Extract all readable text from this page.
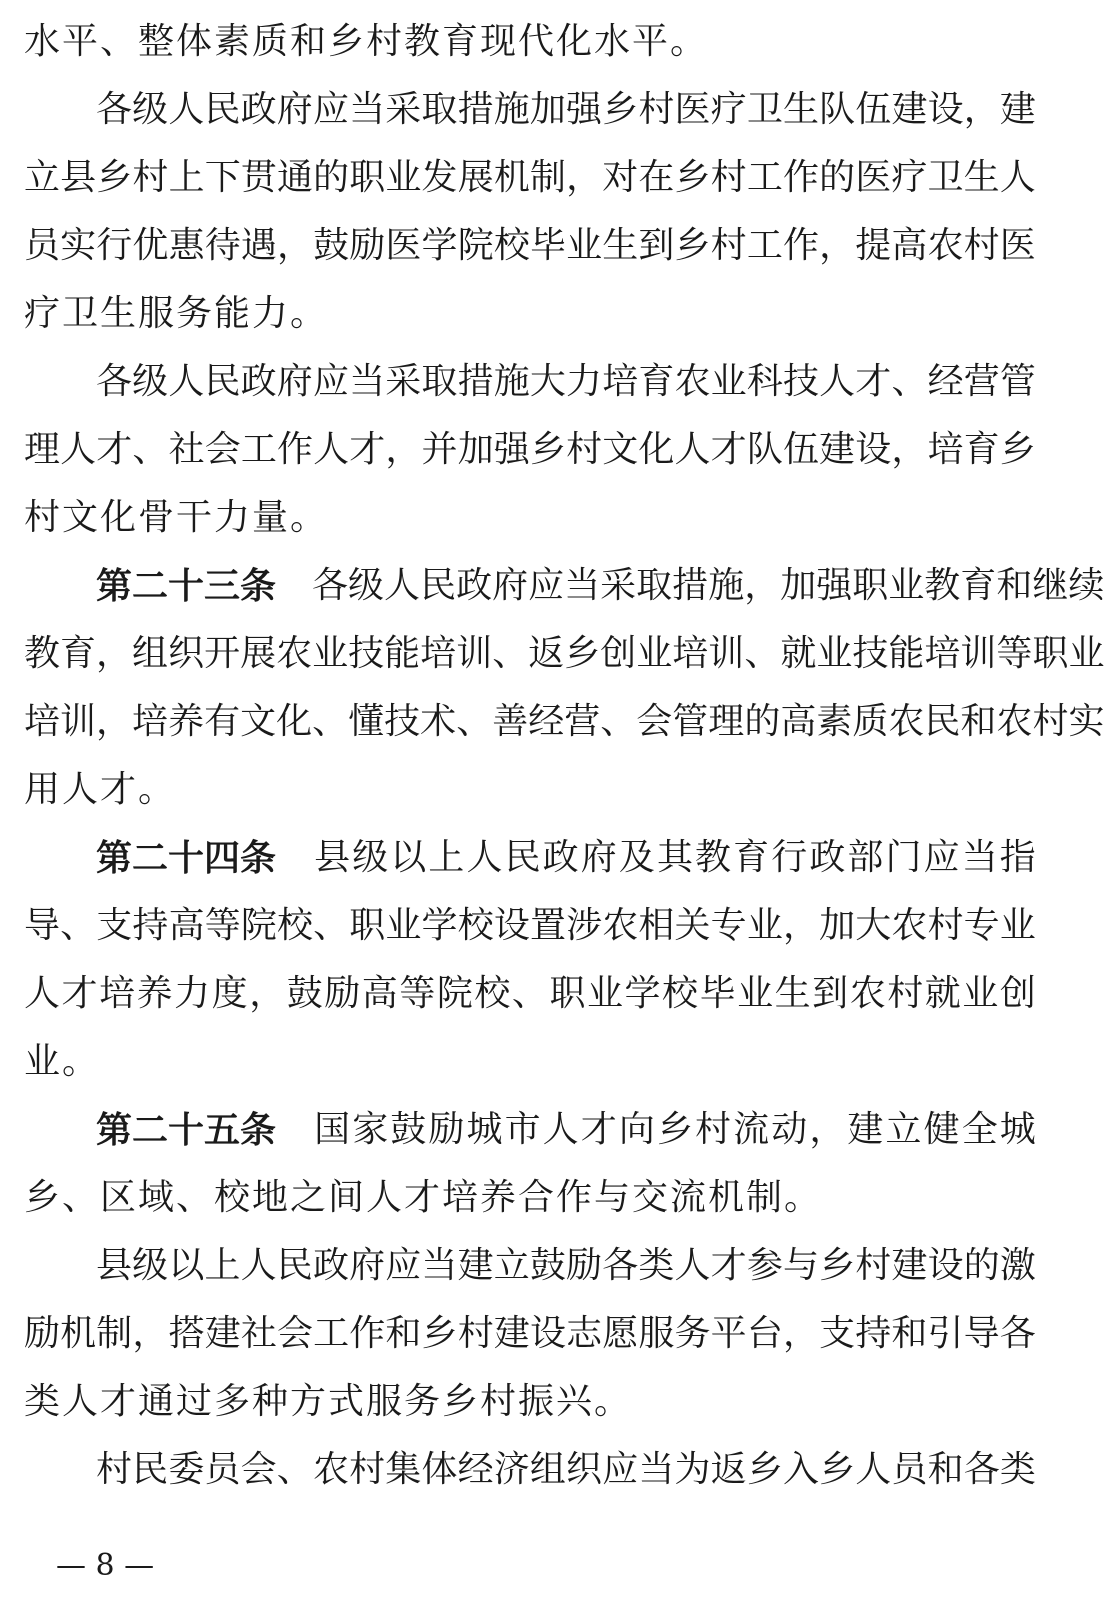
水平、整体素质和乡村教育现代化水平。
各 级 人 民 政 府 应 当 采 取 措 施 加 强 乡 村 医 疗 卫 生 队 伍 建 设 ， 建
立 县 乡 村 上 下 贯 通 的 职 业 发 展 机 制 ， 对 在 乡 村 工 作 的 医 疗 卫 生 人
员 实 行 优 惠 待 遇 ， 鼓 励 医 学 院 校 毕 业 生 到 乡 村 工 作 ， 提 高 农 村 医
疗卫生服务能力。
各 级 人 民 政 府 应 当 采 取 措 施 大 力 培 育 农 业 科 技 人 才 、 经 营 管
理 人 才 、 社 会 工 作 人 才 ， 并 加 强 乡 村 文 化 人 才 队 伍 建 设 ， 培 育 乡
村文化骨干力量。
第二十三条 各 级 人 民 政 府 应 当 采 取 措 施 ， 加 强 职 业 教 育 和 继 续
教 育 ， 组 织 开 展 农 业 技 能 培 训 、 返 乡 创 业 培 训 、 就 业 技 能 培 训 等 职 业
培 训 ， 培 养 有 文 化 、 懂 技 术 、 善 经 营 、 会 管 理 的 高 素 质 农 民 和 农 村 实
用人才。
第二十四条 县 级 以 上 人 民 政 府 及 其 教 育 行 政 部 门 应 当 指
导 、 支 持 高 等 院 校 、 职 业 学 校 设 置 涉 农 相 关 专 业 ， 加 大 农 村 专 业
人 才 培 养 力 度 ， 鼓 励 高 等 院 校 、 职 业 学 校 毕 业 生 到 农 村 就 业 创
业。
第二十五条 国 家 鼓 励 城 市 人 才 向 乡 村 流 动 ， 建 立 健 全 城
乡、区域、校地之间人才培养合作与交流机制。
县 级 以 上 人 民 政 府 应 当 建 立 鼓 励 各 类 人 才 参 与 乡 村 建 设 的 激
励 机 制 ， 搭 建 社 会 工 作 和 乡 村 建 设 志 愿 服 务 平 台 ， 支 持 和 引 导 各
类人才通过多种方式服务乡村振兴。
村 民 委 员 会 、 农 村 集 体 经 济 组 织 应 当 为 返 乡 入 乡 人 员 和 各 类
— 8 —
